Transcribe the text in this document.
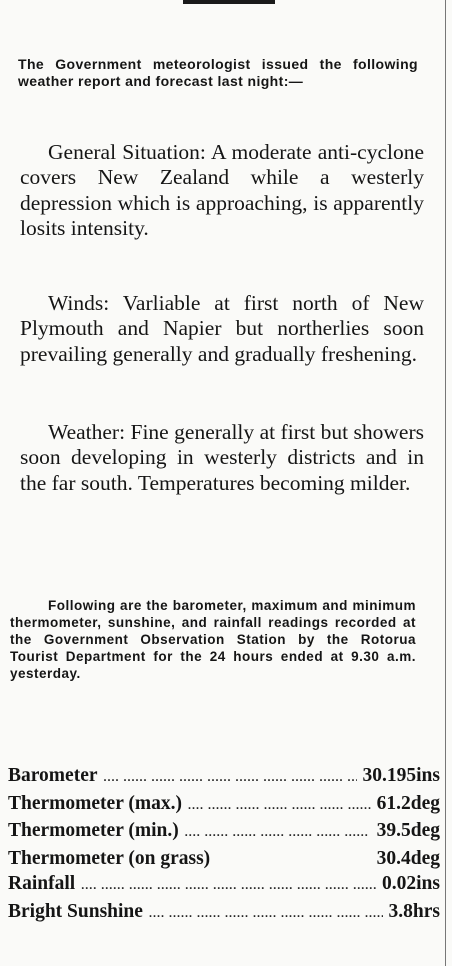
The Government meteorologist issued the following weather report and forecast last night:—
General Situation: A moderate anti-cyclone covers New Zealand while a westerly depression which is approaching, is apparently losits intensity.
Winds: Varliable at first north of New Plymouth and Napier but northerlies soon prevailing generally and gradually freshening.
Weather: Fine generally at first but showers soon developing in westerly districts and in the far south. Temperatures becoming milder.
Following are the barometer, maximum and minimum thermometer, sunshine, and rainfall readings recorded at the Government Observation Station by the Rotorua Tourist Department for the 24 hours ended at 9.30 a.m. yesterday.
Barometer ....	30.195ins
Thermometer (max.) ....	61.2deg
Thermometer (min.) ....	39.5deg
Thermometer (on grass)	30.4deg
Rainfall ....	0.02ins
Bright Sunshine ....	3.8hrs
